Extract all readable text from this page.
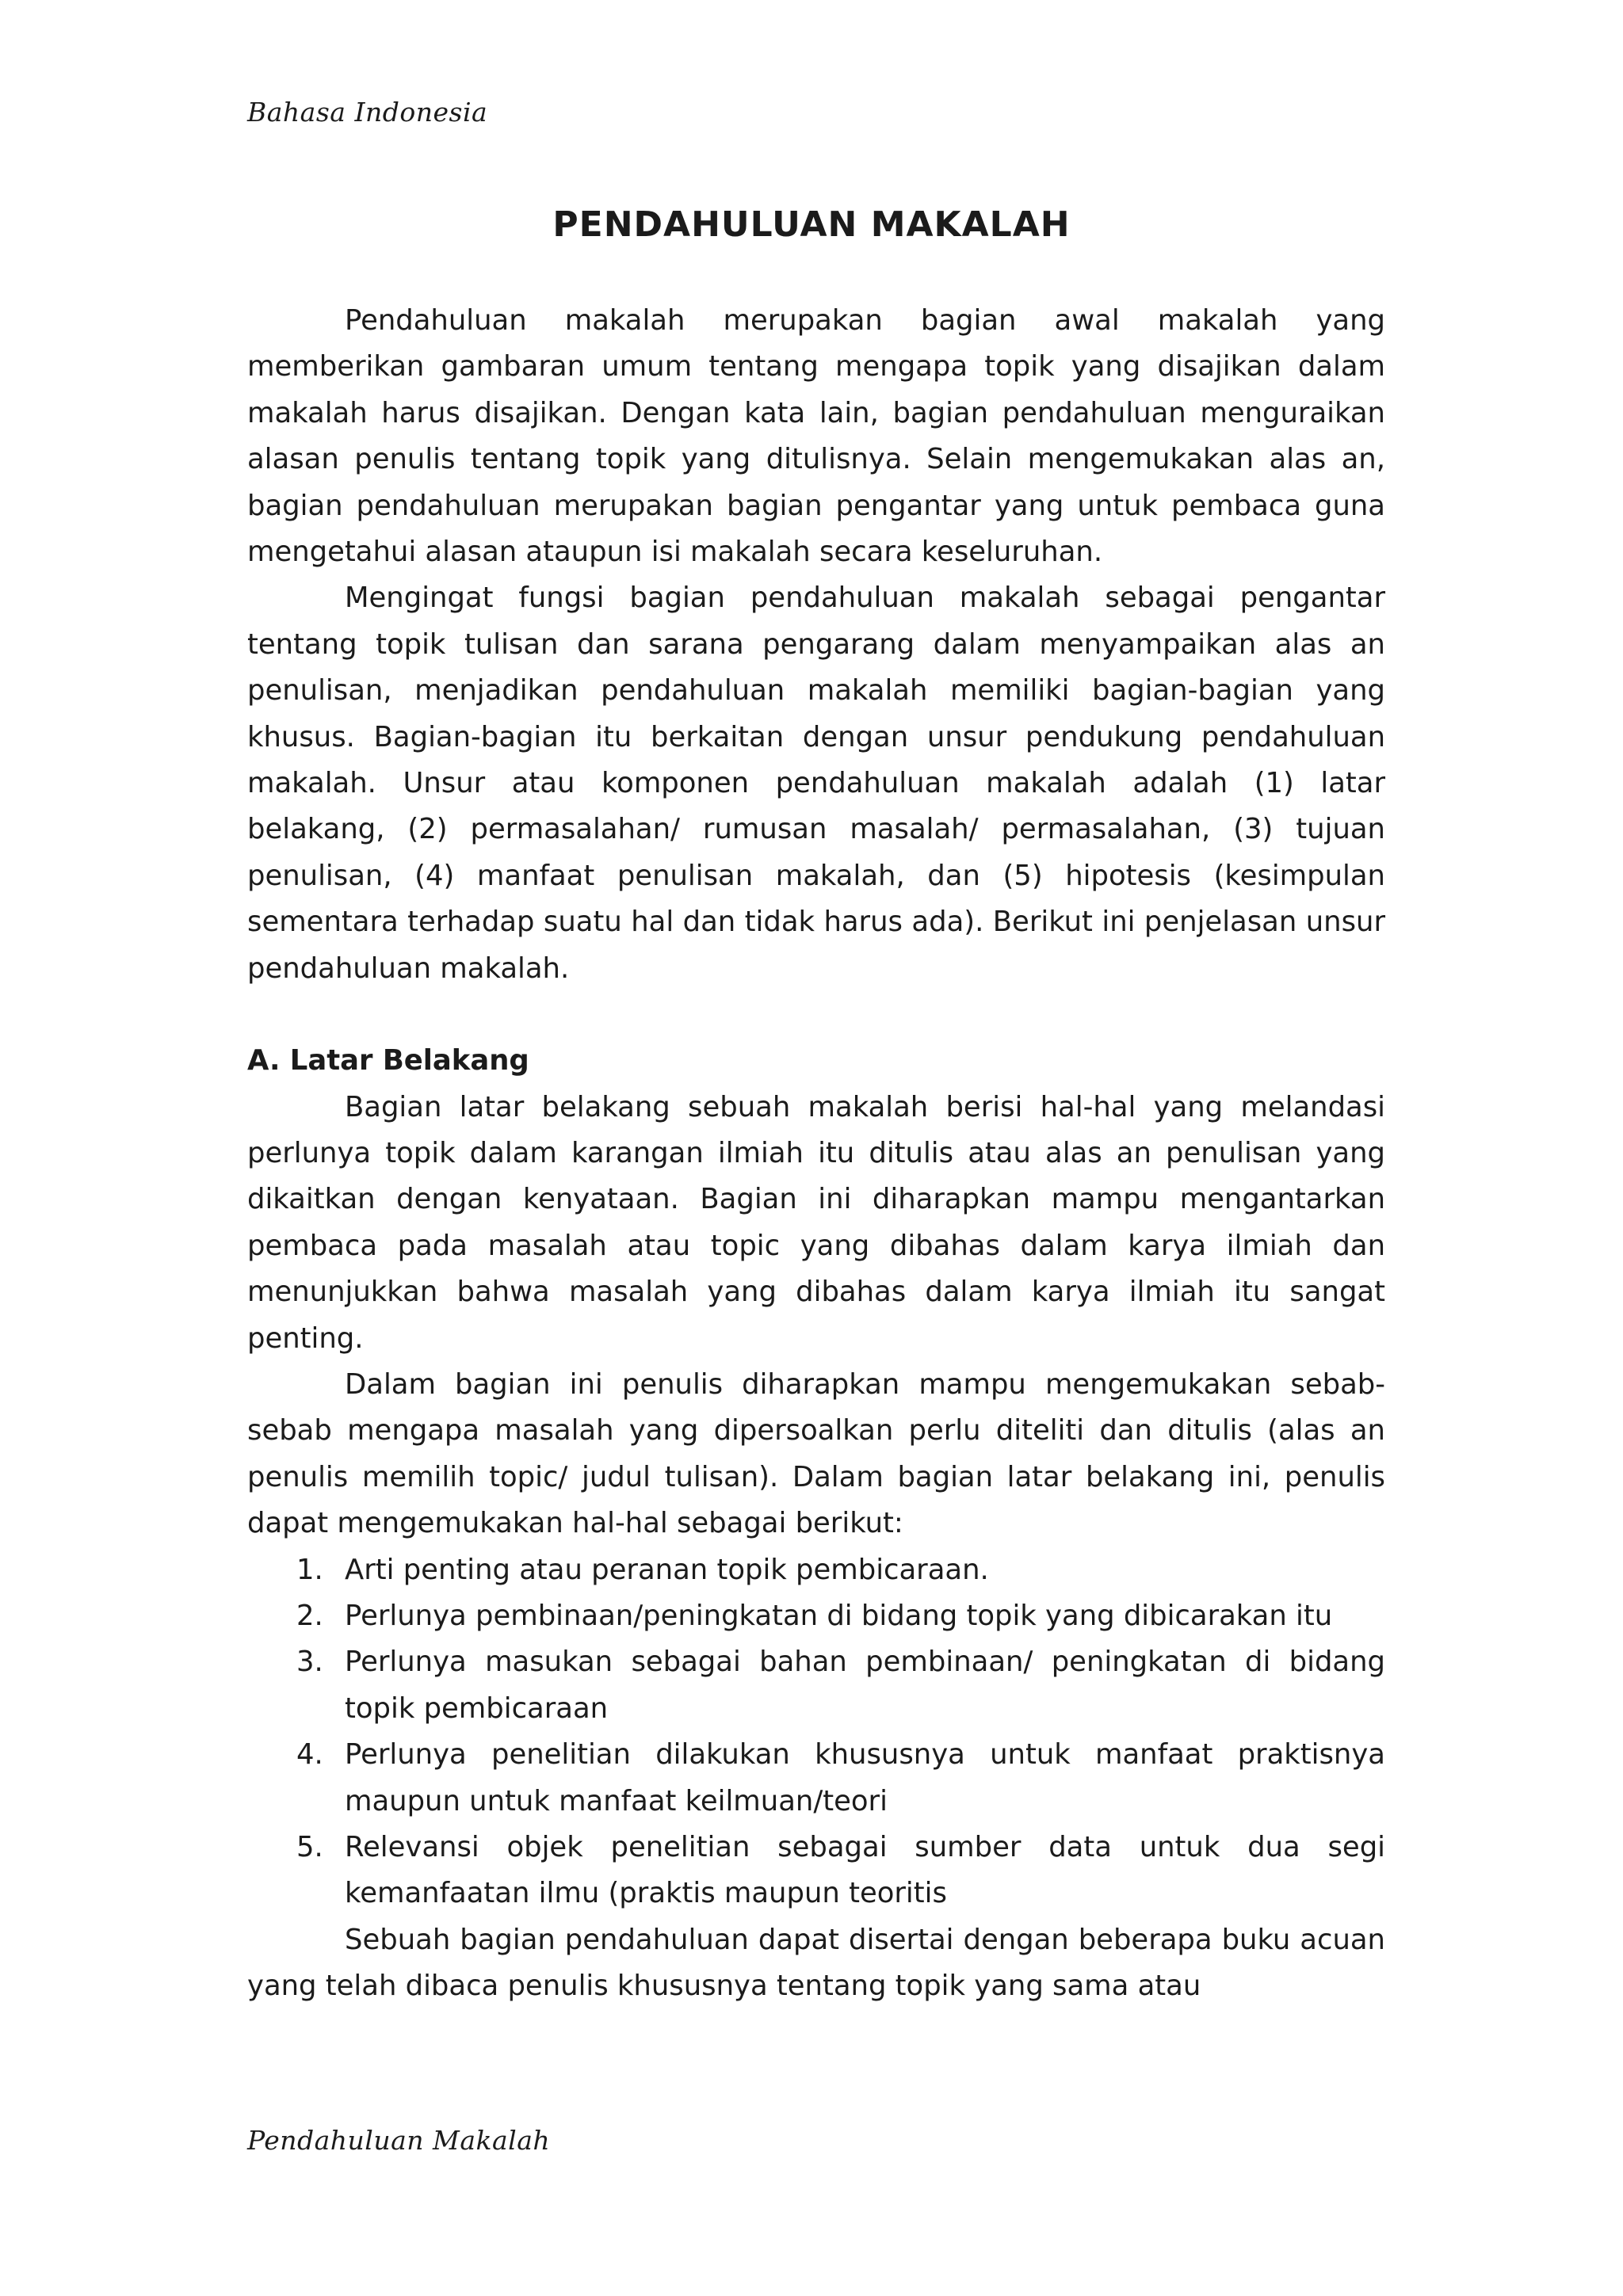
Bahasa Indonesia
PENDAHULUAN MAKALAH

Pendahuluan makalah merupakan bagian awal makalah yang memberikan gambaran umum tentang mengapa topik yang disajikan dalam makalah harus disajikan. Dengan kata lain, bagian pendahuluan menguraikan alasan penulis tentang topik yang ditulisnya. Selain mengemukakan alas an, bagian pendahuluan merupakan bagian pengantar yang untuk pembaca guna mengetahui alasan ataupun isi makalah secara keseluruhan.

Mengingat fungsi bagian pendahuluan makalah sebagai pengantar tentang topik tulisan dan sarana pengarang dalam menyampaikan alas an penulisan, menjadikan pendahuluan makalah memiliki bagian-bagian yang khusus. Bagian-bagian itu berkaitan dengan unsur pendukung pendahuluan makalah. Unsur atau komponen pendahuluan makalah adalah (1) latar belakang, (2) permasalahan/ rumusan masalah/ permasalahan, (3) tujuan penulisan, (4) manfaat penulisan makalah, dan (5) hipotesis (kesimpulan sementara terhadap suatu hal dan tidak harus ada). Berikut ini penjelasan unsur pendahuluan makalah.

A. Latar Belakang

Bagian latar belakang sebuah makalah berisi hal-hal yang melandasi perlunya topik dalam karangan ilmiah itu ditulis atau alas an penulisan yang dikaitkan dengan kenyataan. Bagian ini diharapkan mampu mengantarkan pembaca pada masalah atau topic yang dibahas dalam karya ilmiah dan menunjukkan bahwa masalah yang dibahas dalam karya ilmiah itu sangat penting.

Dalam bagian ini penulis diharapkan mampu mengemukakan sebab-sebab mengapa masalah yang dipersoalkan perlu diteliti dan ditulis (alas an penulis memilih topic/ judul tulisan). Dalam bagian latar belakang ini, penulis dapat mengemukakan hal-hal sebagai berikut:

1. Arti penting atau peranan topik pembicaraan.
2. Perlunya pembinaan/peningkatan di bidang topik yang dibicarakan itu
3. Perlunya masukan sebagai bahan pembinaan/ peningkatan di bidang topik pembicaraan
4. Perlunya penelitian dilakukan khususnya untuk manfaat praktisnya maupun untuk manfaat keilmuan/teori
5. Relevansi objek penelitian sebagai sumber data untuk dua segi kemanfaatan ilmu (praktis maupun teoritis

Sebuah bagian pendahuluan dapat disertai dengan beberapa buku acuan yang telah dibaca penulis khususnya tentang topik yang sama atau

Pendahuluan Makalah
